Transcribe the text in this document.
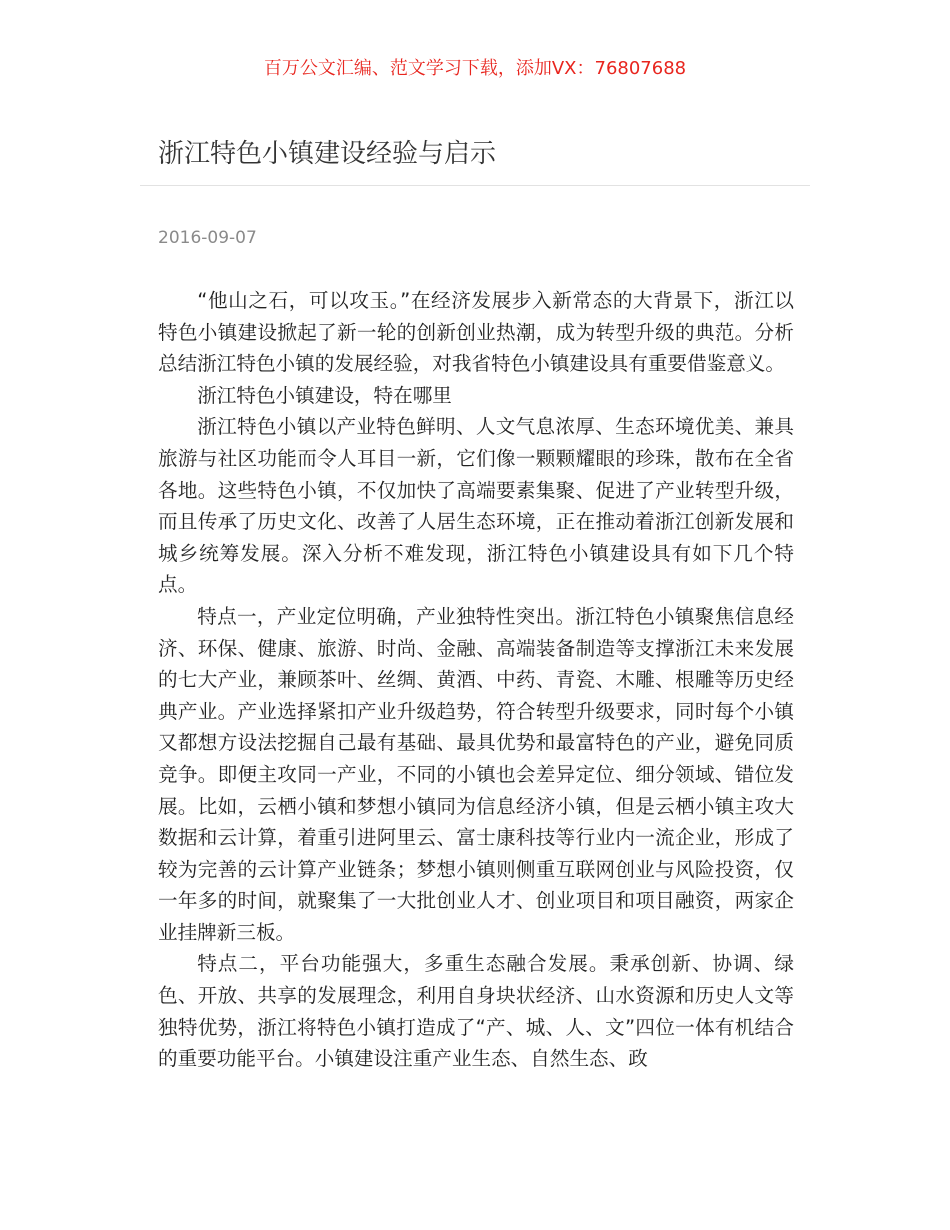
百万公文汇编、范文学习下载，添加VX：76807688
浙江特色小镇建设经验与启示
2016-09-07

“他山之石，可以攻玉。”在经济发展步入新常态的大背景下，浙江以特色小镇建设掀起了新一轮的创新创业热潮，成为转型升级的典范。分析总结浙江特色小镇的发展经验，对我省特色小镇建设具有重要借鉴意义。

浙江特色小镇建设，特在哪里

浙江特色小镇以产业特色鲜明、人文气息浓厚、生态环境优美、兼具旅游与社区功能而令人耳目一新，它们像一颗颗耀眼的珍珠，散布在全省各地。这些特色小镇，不仅加快了高端要素集聚、促进了产业转型升级，而且传承了历史文化、改善了人居生态环境，正在推动着浙江创新发展和城乡统筹发展。深入分析不难发现，浙江特色小镇建设具有如下几个特点。

特点一，产业定位明确，产业独特性突出。浙江特色小镇聚焦信息经济、环保、健康、旅游、时尚、金融、高端装备制造等支撑浙江未来发展的七大产业，兼顾茶叶、丝绸、黄酒、中药、青瓷、木雕、根雕等历史经典产业。产业选择紧扣产业升级趋势，符合转型升级要求，同时每个小镇又都想方设法挖掘自己最有基础、最具优势和最富特色的产业，避免同质竞争。即便主攻同一产业，不同的小镇也会差异定位、细分领域、错位发展。比如，云栖小镇和梦想小镇同为信息经济小镇，但是云栖小镇主攻大数据和云计算，着重引进阿里云、富士康科技等行业内一流企业，形成了较为完善的云计算产业链条；梦想小镇则侧重互联网创业与风险投资，仅一年多的时间，就聚集了一大批创业人才、创业项目和项目融资，两家企业挂牌新三板。

特点二，平台功能强大，多重生态融合发展。秉承创新、协调、绿色、开放、共享的发展理念，利用自身块状经济、山水资源和历史人文等独特优势，浙江将特色小镇打造成了“产、城、人、文”四位一体有机结合的重要功能平台。小镇建设注重产业生态、自然生态、政
